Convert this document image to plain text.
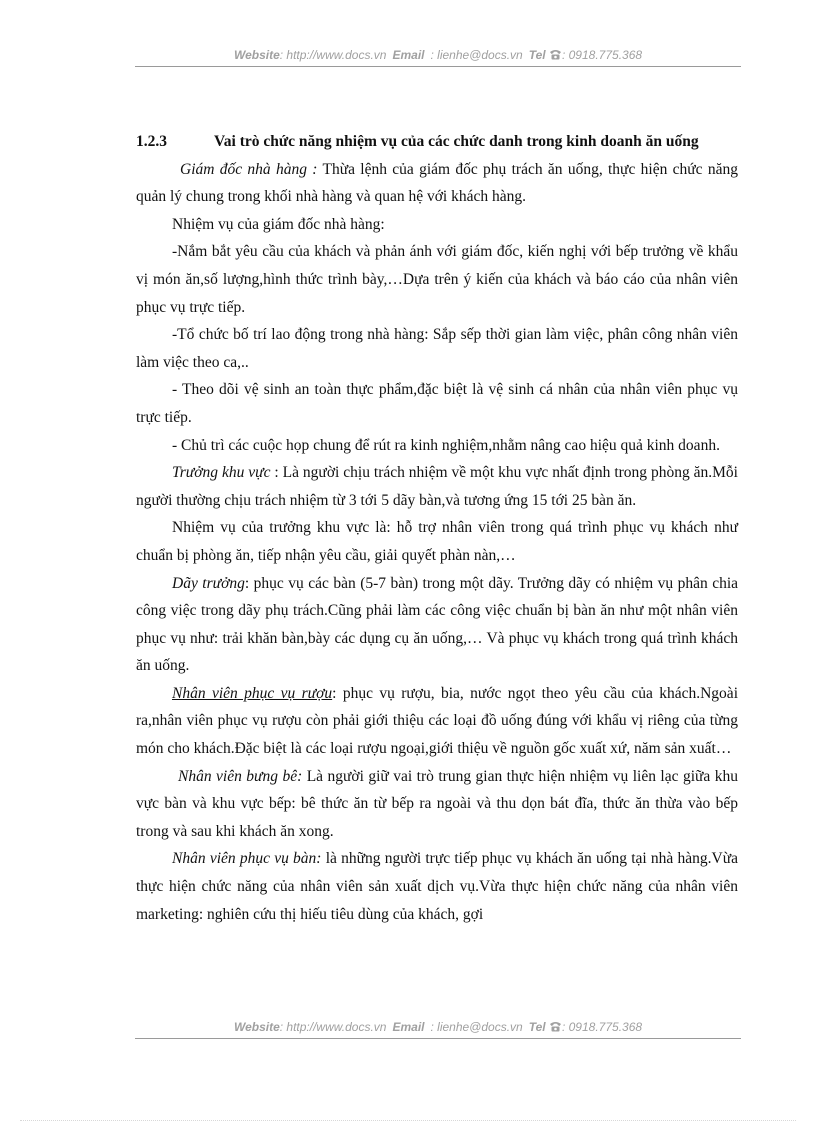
Website: http://www.docs.vn Email : lienhe@docs.vn Tel : 0918.775.368
1.2.3	Vai trò chức năng nhiệm vụ của các chức danh trong kinh doanh ăn uống

Giám đốc nhà hàng : Thừa lệnh của giám đốc phụ trách ăn uống, thực hiện chức năng quản lý chung trong khối nhà hàng và quan hệ với khách hàng.

Nhiệm vụ của giám đốc nhà hàng:

-Nắm bắt yêu cầu của khách và phản ánh với giám đốc, kiến nghị với bếp trưởng về khẩu vị món ăn,số lượng,hình thức trình bày,…Dựa trên ý kiến của khách và báo cáo của nhân viên phục vụ trực tiếp.

-Tổ chức bố trí lao động trong nhà hàng: Sắp sếp thời gian làm việc, phân công nhân viên làm việc theo ca,..

- Theo dõi vệ sinh an toàn thực phẩm,đặc biệt là vệ sinh cá nhân của nhân viên phục vụ trực tiếp.

- Chủ trì các cuộc họp chung để rút ra kinh nghiệm,nhằm nâng cao hiệu quả kinh doanh.

Trưởng khu vực : Là người chịu trách nhiệm về một khu vực nhất định trong phòng ăn.Mỗi người thường chịu trách nhiệm từ 3 tới 5 dãy bàn,và tương ứng 15 tới 25 bàn ăn.

Nhiệm vụ của trưởng khu vực là: hỗ trợ nhân viên trong quá trình phục vụ khách như chuẩn bị phòng ăn, tiếp nhận yêu cầu, giải quyết phàn nàn,…

Dãy trưởng: phục vụ các bàn (5-7 bàn) trong một dãy. Trưởng dãy có nhiệm vụ phân chia công việc trong dãy phụ trách.Cũng phải làm các công việc chuẩn bị bàn ăn như một nhân viên phục vụ như: trải khăn bàn,bày các dụng cụ ăn uống,… Và phục vụ khách trong quá trình khách ăn uống.

Nhân viên phục vụ rượu: phục vụ rượu, bia, nước ngọt theo yêu cầu của khách.Ngoài ra,nhân viên phục vụ rượu còn phải giới thiệu các loại đồ uống đúng với khẩu vị riêng của từng món cho khách.Đặc biệt là các loại rượu ngoại,giới thiệu về nguồn gốc xuất xứ, năm sản xuất…

Nhân viên bưng bê: Là người giữ vai trò trung gian thực hiện nhiệm vụ liên lạc giữa khu vực bàn và khu vực bếp: bê thức ăn từ bếp ra ngoài và thu dọn bát đĩa, thức ăn thừa vào bếp trong và sau khi khách ăn xong.

Nhân viên phục vụ bàn: là những người trực tiếp phục vụ khách ăn uống tại nhà hàng.Vừa thực hiện chức năng của nhân viên sản xuất dịch vụ.Vừa thực hiện chức năng của nhân viên marketing: nghiên cứu thị hiếu tiêu dùng của khách, gợi

Website: http://www.docs.vn Email : lienhe@docs.vn Tel : 0918.775.368
